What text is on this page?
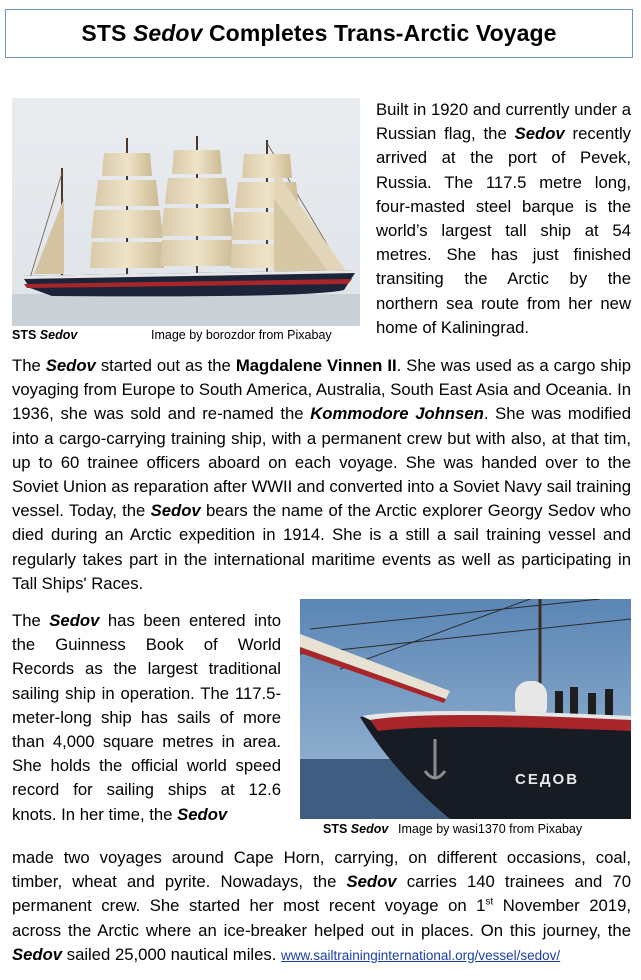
STS Sedov Completes Trans-Arctic Voyage

STS Sedov	Image by borozdor from Pixabay

Built in 1920 and currently under a Russian flag, the Sedov recently arrived at the port of Pevek, Russia. The 117.5 metre long, four-masted steel barque is the world’s largest tall ship at 54 metres. She has just finished transiting the Arctic by the northern sea route from her new home of Kaliningrad.

The Sedov started out as the Magdalene Vinnen II. She was used as a cargo ship voyaging from Europe to South America, Australia, South East Asia and Oceania. In 1936, she was sold and re-named the Kommodore Johnsen. She was modified into a cargo-carrying training ship, with a permanent crew but with also, at that tim, up to 60 trainee officers aboard on each voyage. She was handed over to the Soviet Union as reparation after WWII and converted into a Soviet Navy sail training vessel. Today, the Sedov bears the name of the Arctic explorer Georgy Sedov who died during an Arctic expedition in 1914. She is a still a sail training vessel and regularly takes part in the international maritime events as well as participating in Tall Ships' Races.

The Sedov has been entered into the Guinness Book of World Records as the largest traditional sailing ship in operation. The 117.5-meter-long ship has sails of more than 4,000 square metres in area. She holds the official world speed record for sailing ships at 12.6 knots. In her time, the Sedov

СЕДОВ

STS Sedov Image by wasi1370 from Pixabay

made two voyages around Cape Horn, carrying, on different occasions, coal, timber, wheat and pyrite. Nowadays, the Sedov carries 140 trainees and 70 permanent crew. She started her most recent voyage on 1st November 2019, across the Arctic where an ice-breaker helped out in places. On this journey, the Sedov sailed 25,000 nautical miles. www.sailtraininginternational.org/vessel/sedov/
